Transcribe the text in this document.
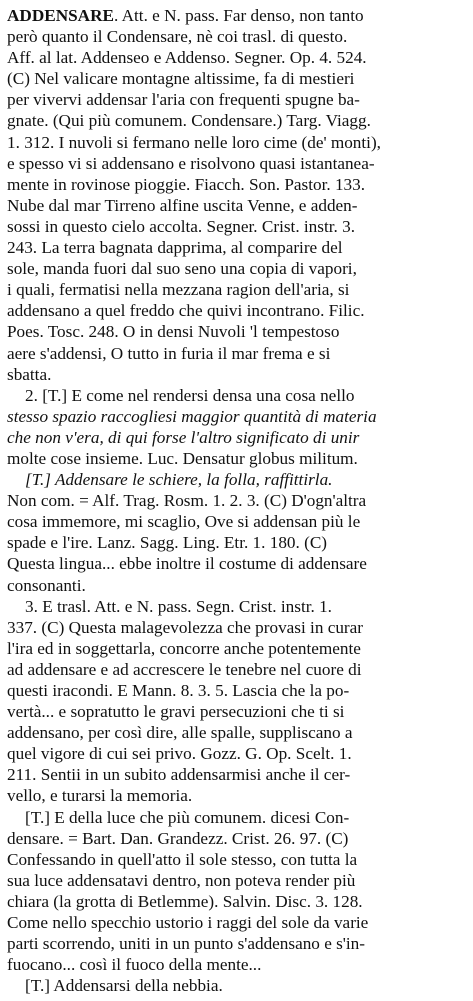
ADDENSARE. Att. e N. pass. Far denso, non tanto
però quanto il Condensare, nè coi trasl. di questo.
Aff. al lat. Addenseo e Addenso. Segner. Op. 4. 524.
(C) Nel valicare montagne altissime, fa di mestieri
per vivervi addensar l'aria con frequenti spugne ba-
gnate. (Qui più comunem. Condensare.) Targ. Viagg.
1. 312. I nuvoli si fermano nelle loro cime (de' monti),
e spesso vi si addensano e risolvono quasi istantanea-
mente in rovinose pioggie. Fiacch. Son. Pastor. 133.
Nube dal mar Tirreno alfine uscita Venne, e adden-
sossi in questo cielo accolta. Segner. Crist. instr. 3.
243. La terra bagnata dapprima, al comparire del
sole, manda fuori dal suo seno una copia di vapori,
i quali, fermatisi nella mezzana ragion dell'aria, si
addensano a quel freddo che quivi incontrano. Filic.
Poes. Tosc. 248. O in densi Nuvoli 'l tempestoso
aere s'addensi, O tutto in furia il mar frema e si
sbatta.
2. [T.] E come nel rendersi densa una cosa nello
stesso spazio raccogliesi maggior quantità di materia
che non v'era, di qui forse l'altro significato di unir
molte cose insieme. Luc. Densatur globus militum.
[T.] Addensare le schiere, la folla, raffittirla.
Non com. = Alf. Trag. Rosm. 1. 2. 3. (C) D'ogn'altra
cosa immemore, mi scaglio, Ove si addensan più le
spade e l'ire. Lanz. Sagg. Ling. Etr. 1. 180. (C)
Questa lingua... ebbe inoltre il costume di addensare
consonanti.
3. E trasl. Att. e N. pass. Segn. Crist. instr. 1.
337. (C) Questa malagevolezza che provasi in curar
l'ira ed in soggettarla, concorre anche potentemente
ad addensare e ad accrescere le tenebre nel cuore di
questi iracondi. E Mann. 8. 3. 5. Lascia che la po-
vertà... e sopratutto le gravi persecuzioni che ti si
addensano, per così dire, alle spalle, suppliscano a
quel vigore di cui sei privo. Gozz. G. Op. Scelt. 1.
211. Sentii in un subito addensarmisi anche il cer-
vello, e turarsi la memoria.
[T.] E della luce che più comunem. dicesi Con-
densare. = Bart. Dan. Grandezz. Crist. 26. 97. (C)
Confessando in quell'atto il sole stesso, con tutta la
sua luce addensatavi dentro, non poteva render più
chiara (la grotta di Betlemme). Salvin. Disc. 3. 128.
Come nello specchio ustorio i raggi del sole da varie
parti scorrendo, uniti in un punto s'addensano e s'in-
fuocano... così il fuoco della mente...
[T.] Addensarsi della nebbia.
